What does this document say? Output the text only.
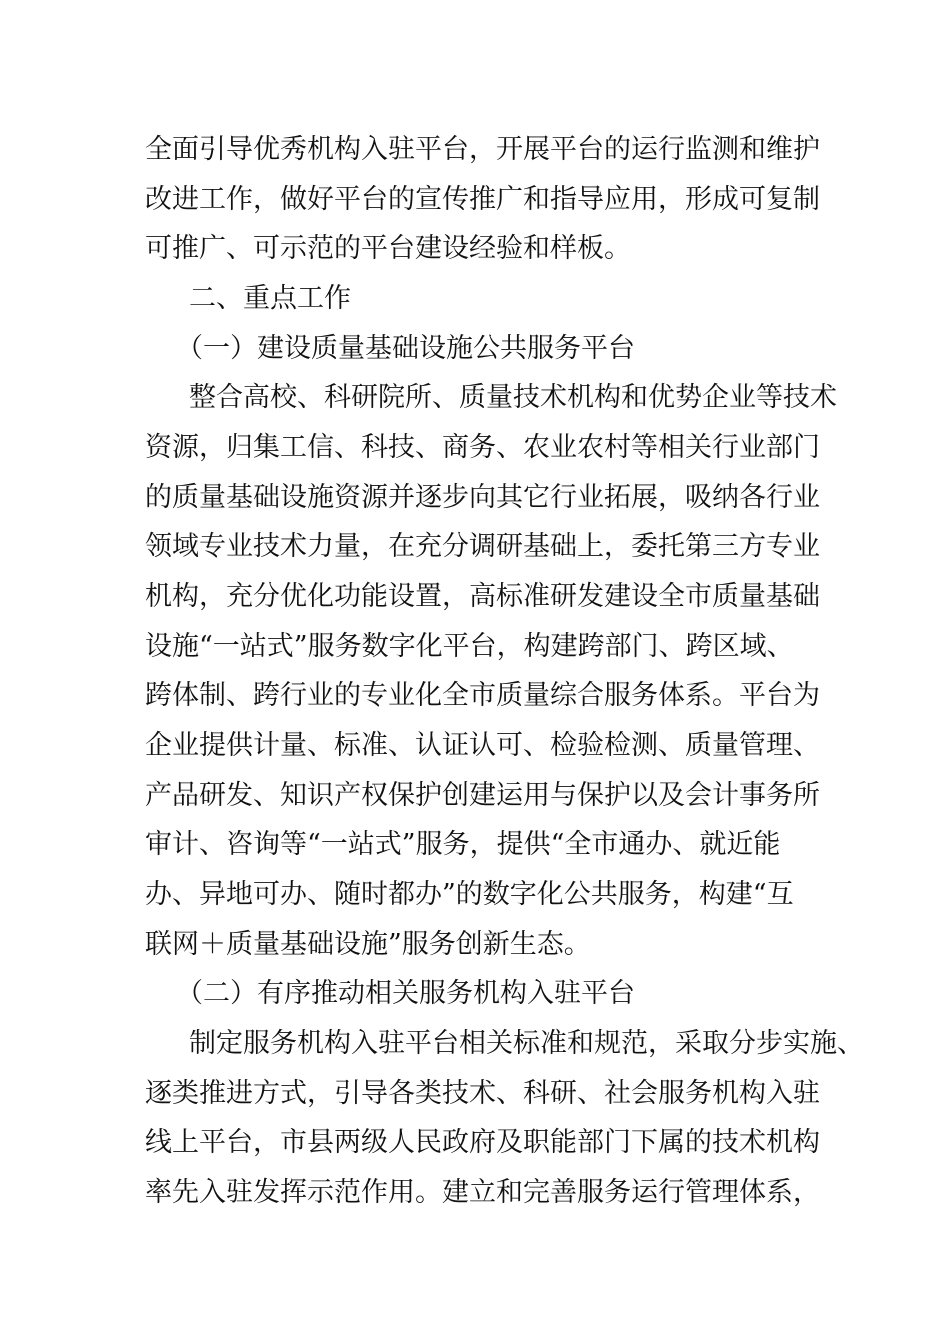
全面引导优秀机构入驻平台，开展平台的运行监测和维护
改进工作，做好平台的宣传推广和指导应用，形成可复制
可推广、可示范的平台建设经验和样板。
二、重点工作
（一）建设质量基础设施公共服务平台
整合高校、科研院所、质量技术机构和优势企业等技术
资源，归集工信、科技、商务、农业农村等相关行业部门
的质量基础设施资源并逐步向其它行业拓展，吸纳各行业
领域专业技术力量，在充分调研基础上，委托第三方专业
机构，充分优化功能设置，高标准研发建设全市质量基础
设施“一站式”服务数字化平台，构建跨部门、跨区域、
跨体制、跨行业的专业化全市质量综合服务体系。平台为
企业提供计量、标准、认证认可、检验检测、质量管理、
产品研发、知识产权保护创建运用与保护以及会计事务所
审计、咨询等“一站式”服务，提供“全市通办、就近能
办、异地可办、随时都办”的数字化公共服务，构建“互
联网＋质量基础设施”服务创新生态。
（二）有序推动相关服务机构入驻平台
制定服务机构入驻平台相关标准和规范，采取分步实施、
逐类推进方式，引导各类技术、科研、社会服务机构入驻
线上平台，市县两级人民政府及职能部门下属的技术机构
率先入驻发挥示范作用。建立和完善服务运行管理体系，
